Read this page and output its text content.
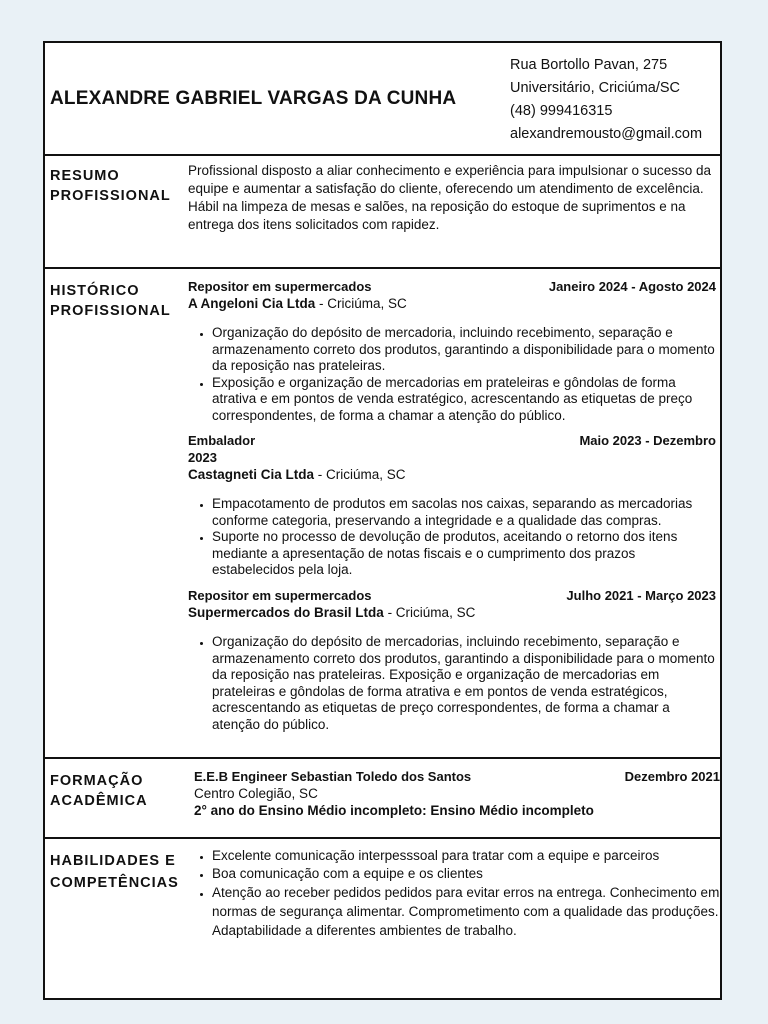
ALEXANDRE GABRIEL VARGAS DA CUNHA
Rua Bortollo Pavan, 275
Universitário, Criciúma/SC
(48) 999416315
alexandremousto@gmail.com
RESUMO
PROFISSIONAL
Profissional disposto a aliar conhecimento e experiência para impulsionar o sucesso da equipe e aumentar a satisfação do cliente, oferecendo um atendimento de excelência.
Hábil na limpeza de mesas e salões, na reposição do estoque de suprimentos e na entrega dos itens solicitados com rapidez.
HISTÓRICO
PROFISSIONAL
Repositor em supermercados	Janeiro 2024 - Agosto 2024
A Angeloni Cia Ltda - Criciúma, SC
• Organização do depósito de mercadoria, incluindo recebimento, separação e armazenamento correto dos produtos, garantindo a disponibilidade para o momento da reposição nas prateleiras.
• Exposição e organização de mercadorias em prateleiras e gôndolas de forma atrativa e em pontos de venda estratégico, acrescentando as etiquetas de preço correspondentes, de forma a chamar a atenção do público.
Embalador	Maio 2023 - Dezembro
2023
Castagneti Cia Ltda - Criciúma, SC
• Empacotamento de produtos em sacolas nos caixas, separando as mercadorias conforme categoria, preservando a integridade e a qualidade das compras.
• Suporte no processo de devolução de produtos, aceitando o retorno dos itens mediante a apresentação de notas fiscais e o cumprimento dos prazos estabelecidos pela loja.
Repositor em supermercados	Julho 2021 - Março 2023
Supermercados do Brasil Ltda - Criciúma, SC
• Organização do depósito de mercadorias, incluindo recebimento, separação e armazenamento correto dos produtos, garantindo a disponibilidade para o momento da reposição nas prateleiras. Exposição e organização de mercadorias em prateleiras e gôndolas de forma atrativa e em pontos de venda estratégicos, acrescentando as etiquetas de preço correspondentes, de forma a chamar a atenção do público.
FORMAÇÃO
ACADÊMICA
E.E.B Engineer Sebastian Toledo dos Santos	Dezembro 2021
Centro Colegião, SC
2° ano do Ensino Médio incompleto: Ensino Médio incompleto
HABILIDADES E
COMPETÊNCIAS
• Excelente comunicação interpesssoal para tratar com a equipe e parceiros
• Boa comunicação com a equipe e os clientes
• Atenção ao receber pedidos pedidos para evitar erros na entrega. Conhecimento em normas de segurança alimentar. Comprometimento com a qualidade das produções. Adaptabilidade a diferentes ambientes de trabalho.
